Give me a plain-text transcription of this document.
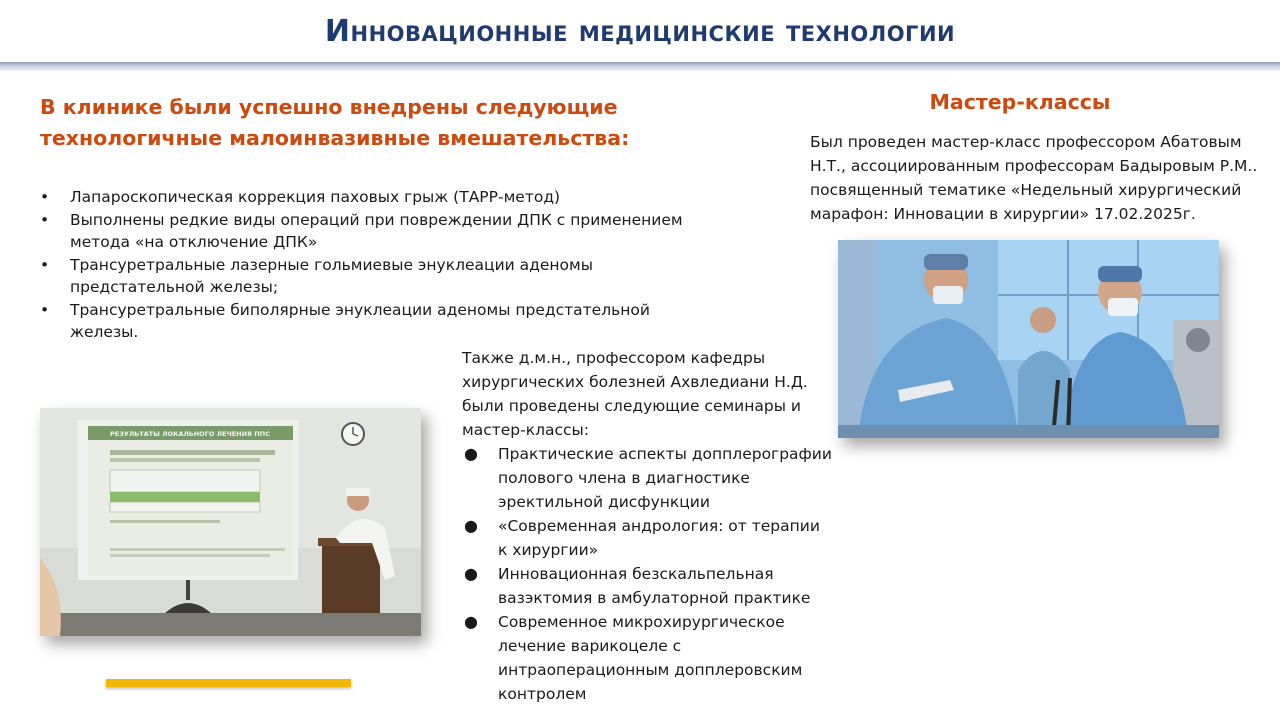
Инновационные медицинские технологии
В клинике были успешно внедрены следующие технологичные малоинвазивные вмешательства:
• Лапароскопическая коррекция паховых грыж (ТАРР-метод)
• Выполнены редкие виды операций при повреждении ДПК с применением метода «на отключение ДПК»
• Трансуретральные лазерные гольмиевые энуклеации аденомы предстательной железы;
• Трансуретральные биполярные энуклеации аденомы предстательной железы.
РЕЗУЛЬТАТЫ ЛОКАЛЬНОГО ЛЕЧЕНИЯ ППС
Также д.м.н., профессором кафедры хирургических болезней Ахвледиани Н.Д. были проведены следующие семинары и мастер-классы:
● Практические аспекты допплерографии полового члена в диагностике эректильной дисфункции
● «Современная андрология: от терапии к хирургии»
● Инновационная безскальпельная вазэктомия в амбулаторной практике
● Современное микрохирургическое лечение варикоцеле с интраоперационным допплеровским контролем
Мастер-классы
Был проведен мастер-класс профессором Абатовым Н.Т., ассоциированным профессорам Бадыровым Р.М.. посвященный тематике «Недельный хирургический марафон: Инновации в хирургии» 17.02.2025г.
